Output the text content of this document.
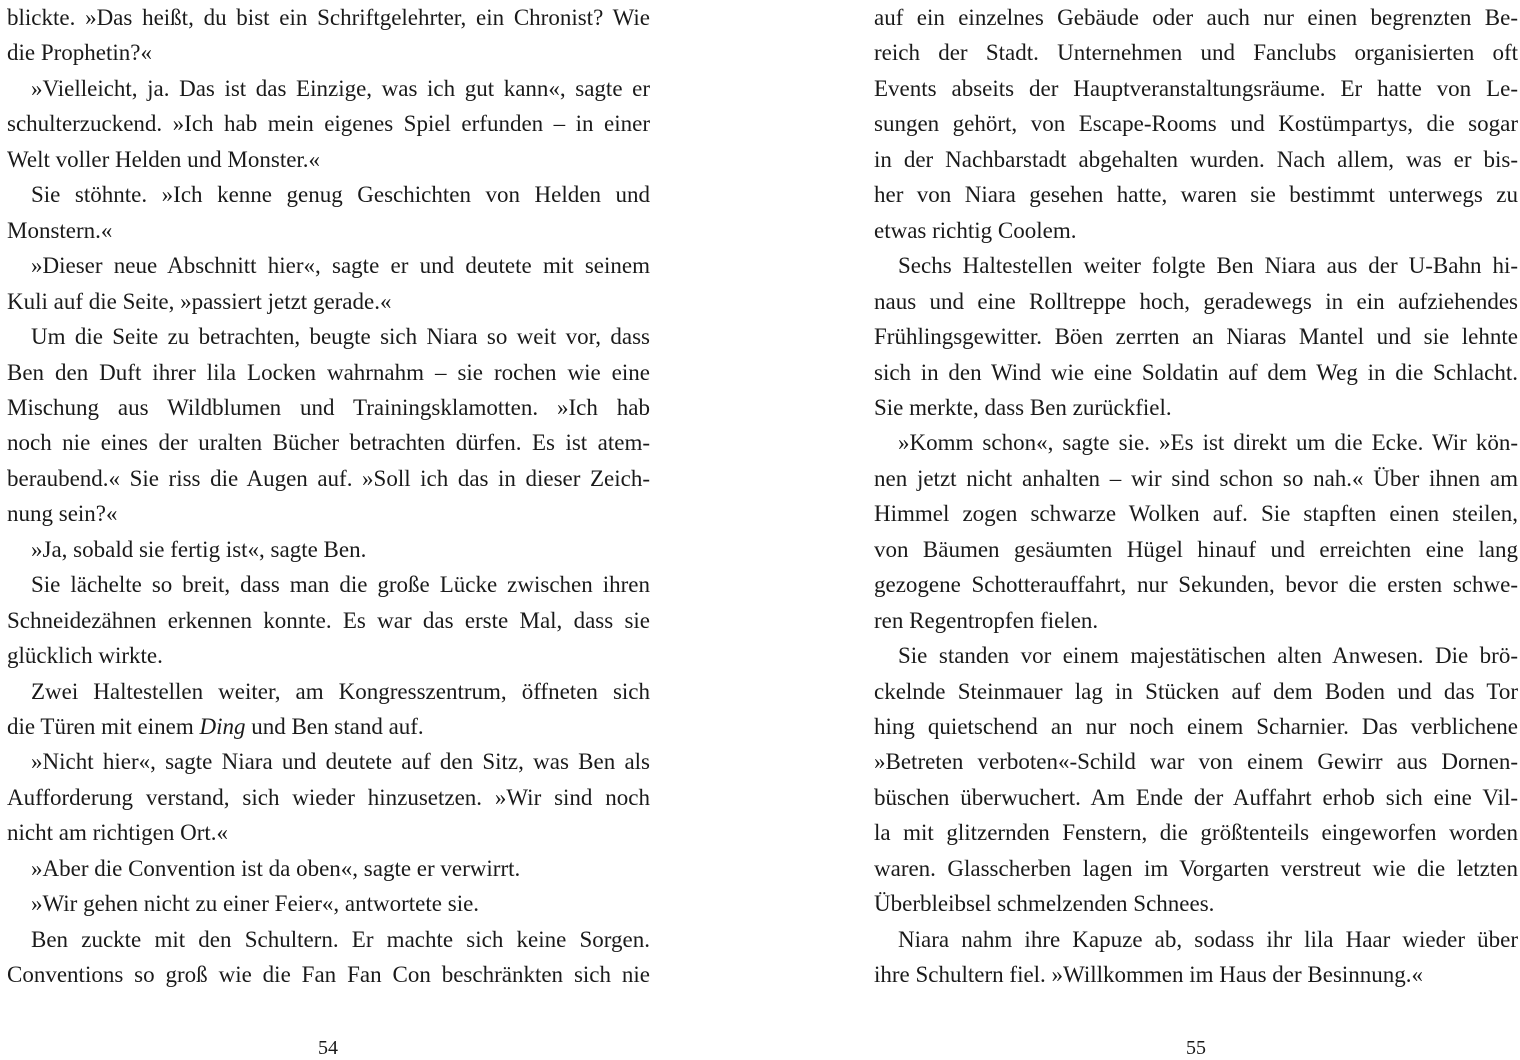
blickte. »Das heißt, du bist ein Schriftgelehrter, ein Chronist? Wie
die Prophetin?«
»Vielleicht, ja. Das ist das Einzige, was ich gut kann«, sagte er
schulterzuckend. »Ich hab mein eigenes Spiel erfunden – in einer
Welt voller Helden und Monster.«
Sie stöhnte. »Ich kenne genug Geschichten von Helden und
Monstern.«
»Dieser neue Abschnitt hier«, sagte er und deutete mit seinem
Kuli auf die Seite, »passiert jetzt gerade.«
Um die Seite zu betrachten, beugte sich Niara so weit vor, dass
Ben den Duft ihrer lila Locken wahrnahm – sie rochen wie eine
Mischung aus Wildblumen und Trainingsklamotten. »Ich hab
noch nie eines der uralten Bücher betrachten dürfen. Es ist atem-
beraubend.« Sie riss die Augen auf. »Soll ich das in dieser Zeich-
nung sein?«
»Ja, sobald sie fertig ist«, sagte Ben.
Sie lächelte so breit, dass man die große Lücke zwischen ihren
Schneidezähnen erkennen konnte. Es war das erste Mal, dass sie
glücklich wirkte.
Zwei Haltestellen weiter, am Kongresszentrum, öffneten sich
die Türen mit einem Ding und Ben stand auf.
»Nicht hier«, sagte Niara und deutete auf den Sitz, was Ben als
Aufforderung verstand, sich wieder hinzusetzen. »Wir sind noch
nicht am richtigen Ort.«
»Aber die Convention ist da oben«, sagte er verwirrt.
»Wir gehen nicht zu einer Feier«, antwortete sie.
Ben zuckte mit den Schultern. Er machte sich keine Sorgen.
Conventions so groß wie die Fan Fan Con beschränkten sich nie
auf ein einzelnes Gebäude oder auch nur einen begrenzten Be-
reich der Stadt. Unternehmen und Fanclubs organisierten oft
Events abseits der Hauptveranstaltungsräume. Er hatte von Le-
sungen gehört, von Escape-Rooms und Kostümpartys, die sogar
in der Nachbarstadt abgehalten wurden. Nach allem, was er bis-
her von Niara gesehen hatte, waren sie bestimmt unterwegs zu
etwas richtig Coolem.
Sechs Haltestellen weiter folgte Ben Niara aus der U-Bahn hi-
naus und eine Rolltreppe hoch, geradewegs in ein aufziehendes
Frühlingsgewitter. Böen zerrten an Niaras Mantel und sie lehnte
sich in den Wind wie eine Soldatin auf dem Weg in die Schlacht.
Sie merkte, dass Ben zurückfiel.
»Komm schon«, sagte sie. »Es ist direkt um die Ecke. Wir kön-
nen jetzt nicht anhalten – wir sind schon so nah.« Über ihnen am
Himmel zogen schwarze Wolken auf. Sie stapften einen steilen,
von Bäumen gesäumten Hügel hinauf und erreichten eine lang
gezogene Schotterauffahrt, nur Sekunden, bevor die ersten schwe-
ren Regentropfen fielen.
Sie standen vor einem majestätischen alten Anwesen. Die brö-
ckelnde Steinmauer lag in Stücken auf dem Boden und das Tor
hing quietschend an nur noch einem Scharnier. Das verblichene
»Betreten verboten«-Schild war von einem Gewirr aus Dornen-
büschen überwuchert. Am Ende der Auffahrt erhob sich eine Vil-
la mit glitzernden Fenstern, die größtenteils eingeworfen worden
waren. Glasscherben lagen im Vorgarten verstreut wie die letzten
Überbleibsel schmelzenden Schnees.
Niara nahm ihre Kapuze ab, sodass ihr lila Haar wieder über
ihre Schultern fiel. »Willkommen im Haus der Besinnung.«
54	55
